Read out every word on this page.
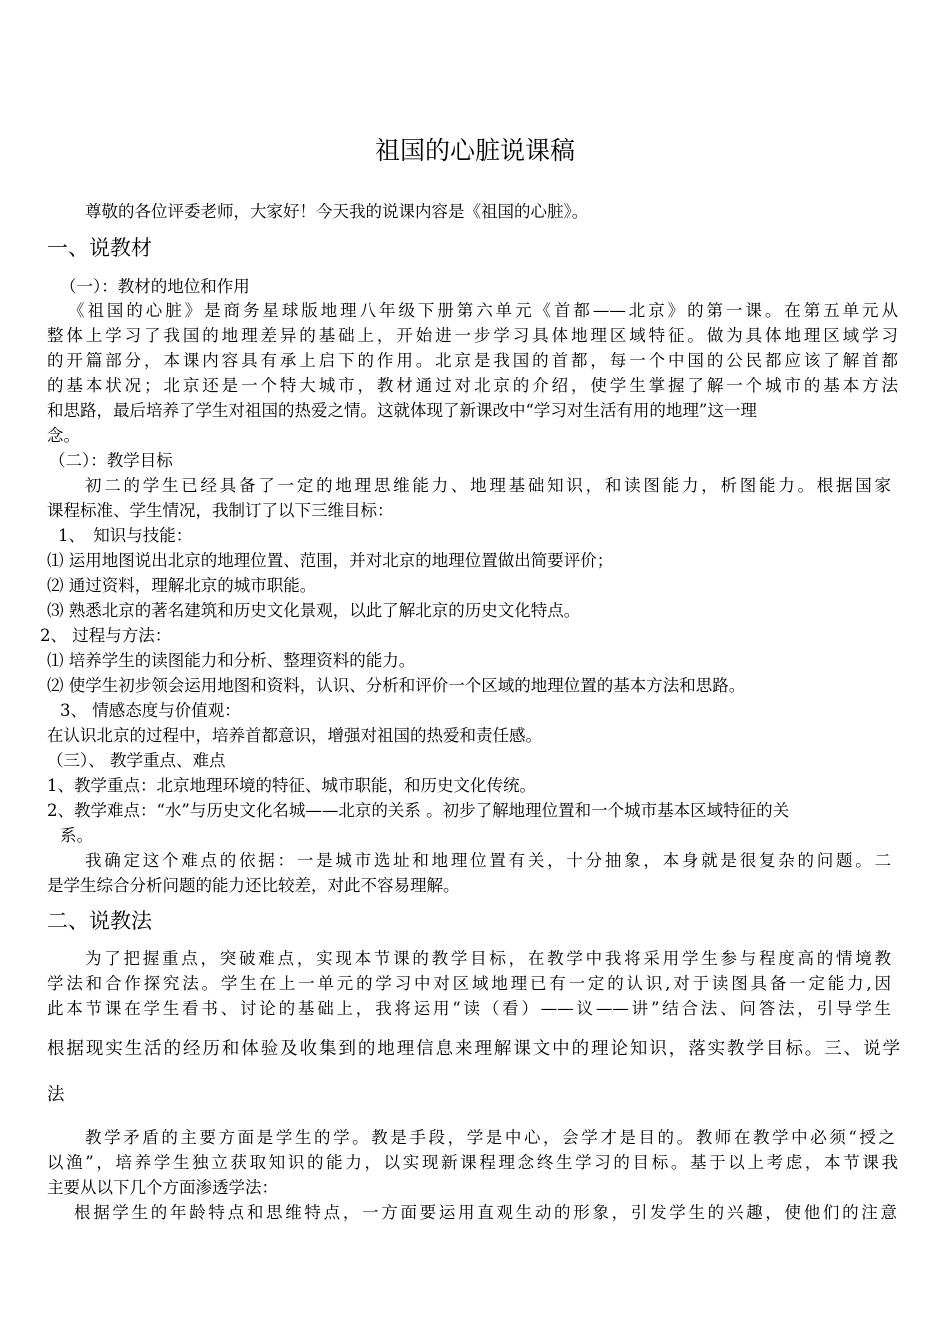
祖国的心脏说课稿
尊敬的各位评委老师，大家好！今天我的说课内容是《祖国的心脏》。
一、说教材
（一）：教材的地位和作用
《祖国的心脏》是商务星球版地理八年级下册第六单元《首都——北京》的第一课。在第五单元从
整体上学习了我国的地理差异的基础上，开始进一步学习具体地理区域特征。做为具体地理区域学习
的开篇部分，本课内容具有承上启下的作用。北京是我国的首都，每一个中国的公民都应该了解首都
的基本状况；北京还是一个特大城市，教材通过对北京的介绍，使学生掌握了解一个城市的基本方法
和思路，最后培养了学生对祖国的热爱之情。这就体现了新课改中“学习对生活有用的地理”这一理
念。
（二）：教学目标
初二的学生已经具备了一定的地理思维能力、地理基础知识，和读图能力，析图能力。根据国家
课程标准、学生情况，我制订了以下三维目标：
1、　知识与技能：
⑴ 运用地图说出北京的地理位置、范围，并对北京的地理位置做出简要评价；
⑵ 通过资料，理解北京的城市职能。
⑶ 熟悉北京的著名建筑和历史文化景观，以此了解北京的历史文化特点。
2、 过程与方法：
⑴ 培养学生的读图能力和分析、整理资料的能力。
⑵ 使学生初步领会运用地图和资料，认识、分析和评价一个区域的地理位置的基本方法和思路。
3、 情感态度与价值观：
在认识北京的过程中，培养首都意识，增强对祖国的热爱和责任感。
（三）、 教学重点、难点
1、教学重点：北京地理环境的特征、城市职能，和历史文化传统。
2、教学难点：“水”与历史文化名城——北京的关系 。初步了解地理位置和一个城市基本区域特征的关
系。
我确定这个难点的依据：一是城市选址和地理位置有关，十分抽象，本身就是很复杂的问题。二
是学生综合分析问题的能力还比较差，对此不容易理解。
二、说教法
为了把握重点，突破难点，实现本节课的教学目标，在教学中我将采用学生参与程度高的情境教
学法和合作探究法。学生在上一单元的学习中对区域地理已有一定的认识,对于读图具备一定能力,因
此本节课在学生看书、讨论的基础上，我将运用“读（看）——议——讲”结合法、问答法，引导学生
根据现实生活的经历和体验及收集到的地理信息来理解课文中的理论知识，落实教学目标。三、说学
法
教学矛盾的主要方面是学生的学。教是手段，学是中心，会学才是目的。教师在教学中必须“授之
以渔”，培养学生独立获取知识的能力，以实现新课程理念终生学习的目标。基于以上考虑，本节课我
主要从以下几个方面渗透学法：
根据学生的年龄特点和思维特点，一方面要运用直观生动的形象，引发学生的兴趣，使他们的注意
